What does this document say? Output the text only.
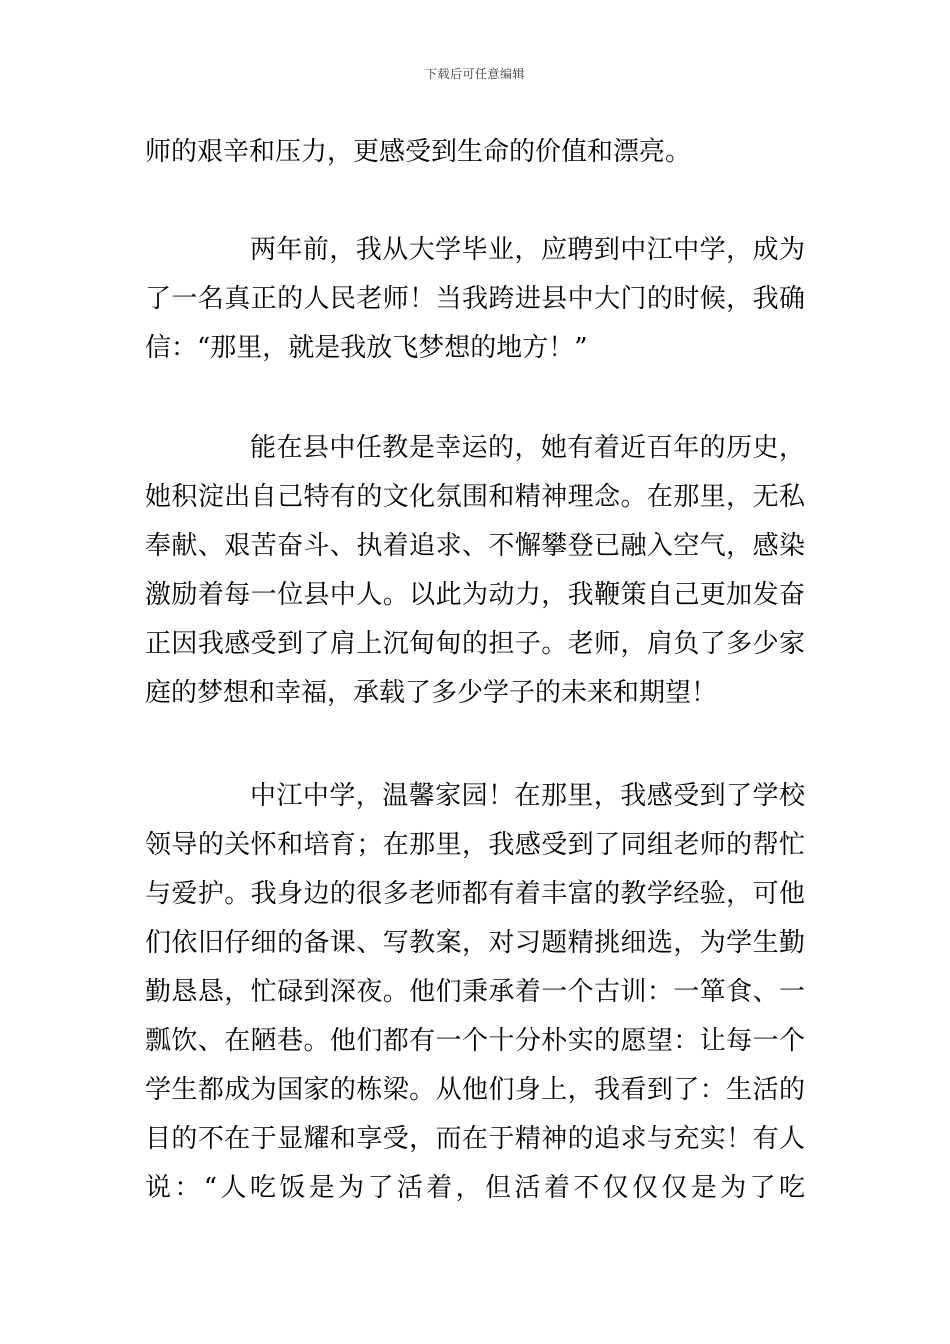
下载后可任意编辑
师的艰辛和压力，更感受到生命的价值和漂亮。
两年前，我从大学毕业，应聘到中江中学，成为
了一名真正的人民老师！当我跨进县中大门的时候，我确
信：“那里，就是我放飞梦想的地方！”
能在县中任教是幸运的，她有着近百年的历史，
她积淀出自己特有的文化氛围和精神理念。在那里，无私
奉献、艰苦奋斗、执着追求、不懈攀登已融入空气，感染
激励着每一位县中人。以此为动力，我鞭策自己更加发奋
正因我感受到了肩上沉甸甸的担子。老师，肩负了多少家
庭的梦想和幸福，承载了多少学子的未来和期望！
中江中学，温馨家园！在那里，我感受到了学校
领导的关怀和培育；在那里，我感受到了同组老师的帮忙
与爱护。我身边的很多老师都有着丰富的教学经验，可他
们依旧仔细的备课、写教案，对习题精挑细选，为学生勤
勤恳恳，忙碌到深夜。他们秉承着一个古训：一箪食、一
瓢饮、在陋巷。他们都有一个十分朴实的愿望：让每一个
学生都成为国家的栋梁。从他们身上，我看到了：生活的
目的不在于显耀和享受，而在于精神的追求与充实！有人
说：“人吃饭是为了活着，但活着不仅仅仅是为了吃
